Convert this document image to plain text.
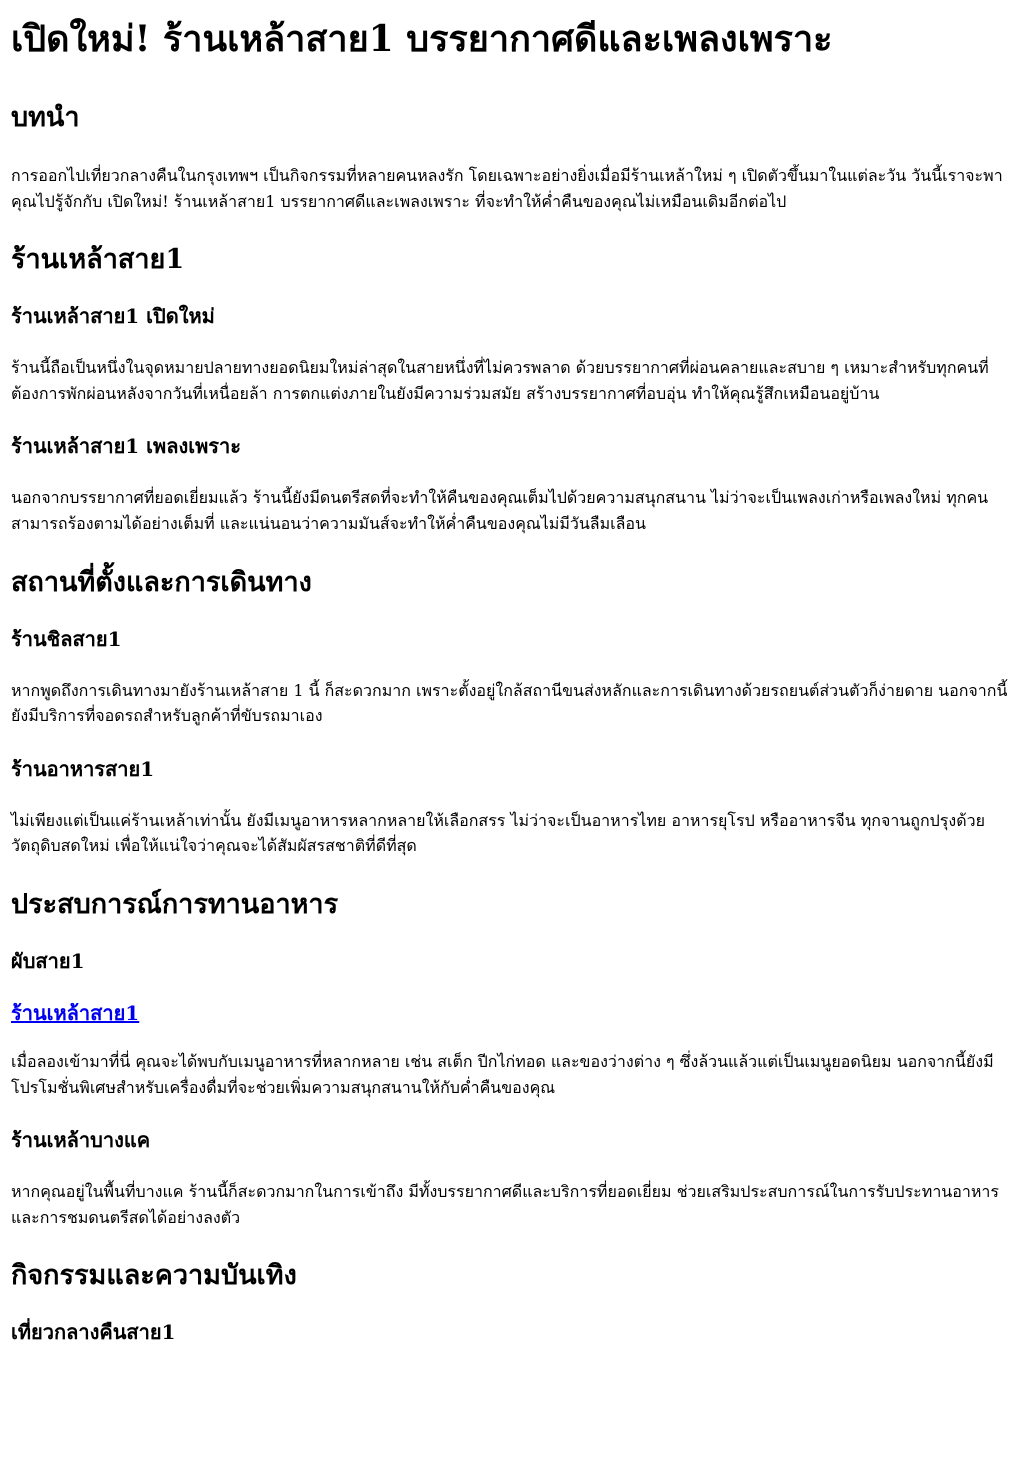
เปิดใหม่! ร้านเหล้าสาย1 บรรยากาศดีและเพลงเพราะ
บทนำ

การออกไปเที่ยวกลางคืนในกรุงเทพฯ เป็นกิจกรรมที่หลายคนหลงรัก โดยเฉพาะอย่างยิ่งเมื่อมีร้านเหล้าใหม่ ๆ เปิดตัวขึ้นมาในแต่ละวัน วันนี้เราจะพาคุณไปรู้จักกับ เปิดใหม่! ร้านเหล้าสาย1 บรรยากาศดีและเพลงเพราะ ที่จะทำให้ค่ำคืนของคุณไม่เหมือนเดิมอีกต่อไป

ร้านเหล้าสาย1
ร้านเหล้าสาย1 เปิดใหม่

ร้านนี้ถือเป็นหนึ่งในจุดหมายปลายทางยอดนิยมใหม่ล่าสุดในสายหนึ่งที่ไม่ควรพลาด ด้วยบรรยากาศที่ผ่อนคลายและสบาย ๆ เหมาะสำหรับทุกคนที่ต้องการพักผ่อนหลังจากวันที่เหนื่อยล้า การตกแต่งภายในยังมีความร่วมสมัย สร้างบรรยากาศที่อบอุ่น ทำให้คุณรู้สึกเหมือนอยู่บ้าน

ร้านเหล้าสาย1 เพลงเพราะ

นอกจากบรรยากาศที่ยอดเยี่ยมแล้ว ร้านนี้ยังมีดนตรีสดที่จะทำให้คืนของคุณเต็มไปด้วยความสนุกสนาน ไม่ว่าจะเป็นเพลงเก่าหรือเพลงใหม่ ทุกคนสามารถร้องตามได้อย่างเต็มที่ และแน่นอนว่าความมันส์จะทำให้ค่ำคืนของคุณไม่มีวันลืมเลือน

สถานที่ตั้งและการเดินทาง
ร้านชิลสาย1

หากพูดถึงการเดินทางมายังร้านเหล้าสาย 1 นี้ ก็สะดวกมาก เพราะตั้งอยู่ใกล้สถานีขนส่งหลักและการเดินทางด้วยรถยนต์ส่วนตัวก็ง่ายดาย นอกจากนี้ยังมีบริการที่จอดรถสำหรับลูกค้าที่ขับรถมาเอง

ร้านอาหารสาย1

ไม่เพียงแต่เป็นแค่ร้านเหล้าเท่านั้น ยังมีเมนูอาหารหลากหลายให้เลือกสรร ไม่ว่าจะเป็นอาหารไทย อาหารยุโรป หรืออาหารจีน ทุกจานถูกปรุงด้วยวัตถุดิบสดใหม่ เพื่อให้แน่ใจว่าคุณจะได้สัมผัสรสชาติที่ดีที่สุด

ประสบการณ์การทานอาหาร
ผับสาย1
ร้านเหล้าสาย1

เมื่อลองเข้ามาที่นี่ คุณจะได้พบกับเมนูอาหารที่หลากหลาย เช่น สเต็ก ปีกไก่ทอด และของว่างต่าง ๆ ซึ่งล้วนแล้วแต่เป็นเมนูยอดนิยม นอกจากนี้ยังมีโปรโมชั่นพิเศษสำหรับเครื่องดื่มที่จะช่วยเพิ่มความสนุกสนานให้กับค่ำคืนของคุณ

ร้านเหล้าบางแค

หากคุณอยู่ในพื้นที่บางแค ร้านนี้ก็สะดวกมากในการเข้าถึง มีทั้งบรรยากาศดีและบริการที่ยอดเยี่ยม ช่วยเสริมประสบการณ์ในการรับประทานอาหารและการชมดนตรีสดได้อย่างลงตัว

กิจกรรมและความบันเทิง
เที่ยวกลางคืนสาย1
